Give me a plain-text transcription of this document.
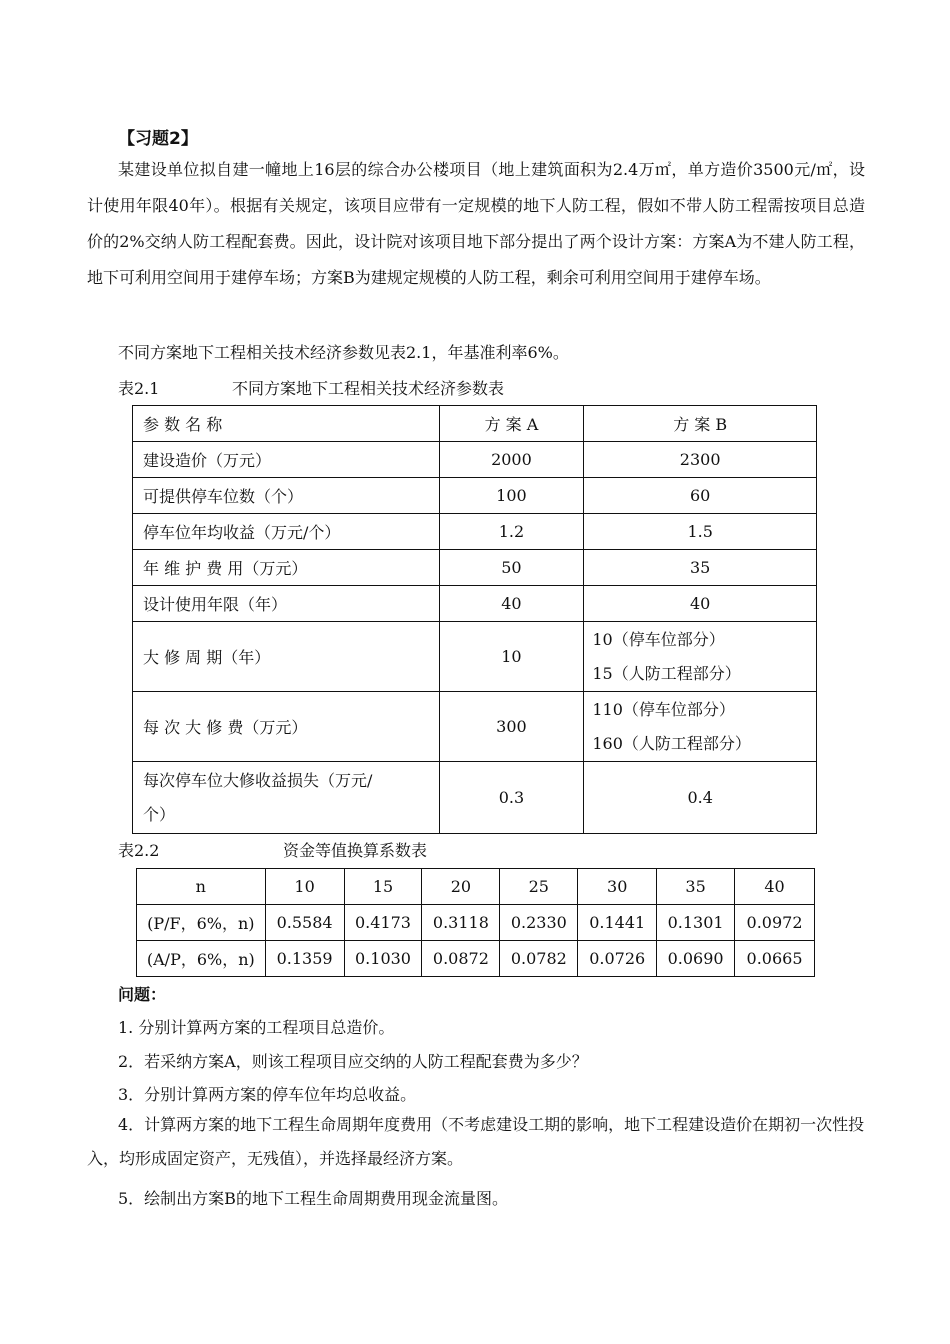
【习题2】
某建设单位拟自建一幢地上16层的综合办公楼项目（地上建筑面积为2.4万㎡，单方造价3500元/㎡，设计使用年限40年）。根据有关规定，该项目应带有一定规模的地下人防工程，假如不带人防工程需按项目总造价的2%交纳人防工程配套费。因此，设计院对该项目地下部分提出了两个设计方案：方案A为不建人防工程，地下可利用空间用于建停车场；方案B为建规定规模的人防工程，剩余可利用空间用于建停车场。
不同方案地下工程相关技术经济参数见表2.1，年基准利率6%。
表2.1	不同方案地下工程相关技术经济参数表
参 数 名 称	方 案 A	方 案 B
建设造价（万元）	2000	2300
可提供停车位数（个）	100	60
停车位年均收益（万元/个）	1.2	1.5
年 维 护 费 用（万元）	50	35
设计使用年限（年）	40	40
大 修 周 期（年）	10	10（停车位部分）
15（人防工程部分）

每 次 大 修 费（万元）	300	110（停车位部分）
160（人防工程部分）

每次停车位大修收益损失（万元/
个）	0.3	0.4
表2.2	资金等值换算系数表
n	10	15	20	25	30	35	40
(P/F，6%，n)	0.5584	0.4173	0.3118	0.2330	0.1441	0.1301	0.0972
(A/P，6%，n)	0.1359	0.1030	0.0872	0.0782	0.0726	0.0690	0.0665
问题：
1. 分别计算两方案的工程项目总造价。
2．若采纳方案A，则该工程项目应交纳的人防工程配套费为多少？
3．分别计算两方案的停车位年均总收益。
4．计算两方案的地下工程生命周期年度费用（不考虑建设工期的影响，地下工程建设造价在期初一次性投入，均形成固定资产，无残值），并选择最经济方案。
5．绘制出方案B的地下工程生命周期费用现金流量图。
